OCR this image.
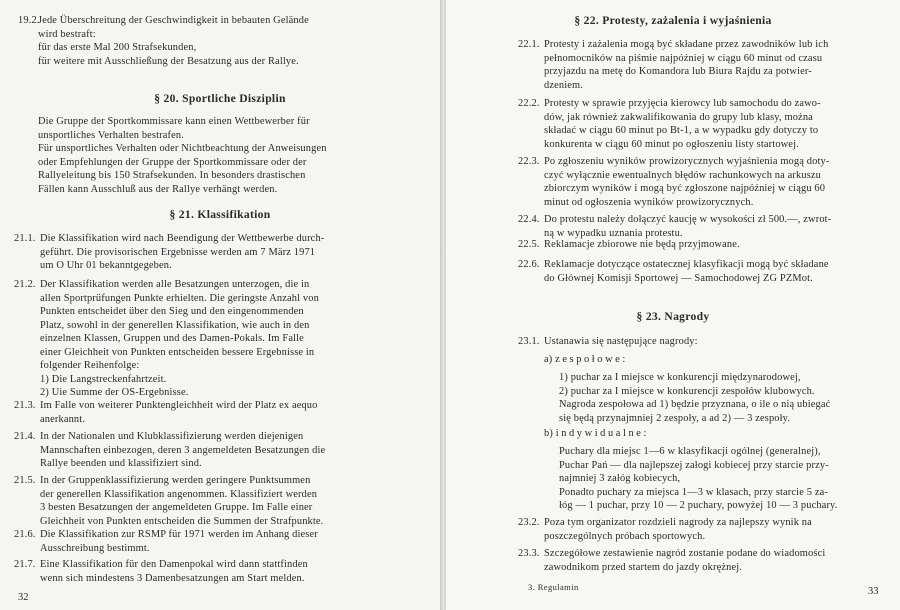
19.2.
Jede Überschreitung der Geschwindigkeit in bebauten Gelände
wird bestraft:
für das erste Mal 200 Strafsekunden,
für weitere mit Ausschließung der Besatzung aus der Rallye.
§ 20. Sportliche Disziplin
Die Gruppe der Sportkommissare kann einen Wettbewerber für
unsportliches Verhalten bestrafen.
Für unsportliches Verhalten oder Nichtbeachtung der Anweisungen
oder Empfehlungen der Gruppe der Sportkommissare oder der
Rallyeleitung bis 150 Strafsekunden. In besonders drastischen
Fällen kann Ausschluß aus der Rallye verhängt werden.
§ 21. Klassifikation
21.1. Die Klassifikation wird nach Beendigung der Wettbewerbe durch-
geführt. Die provisorischen Ergebnisse werden am 7 März 1971
um O Uhr 01 bekanntgegeben.
21.2. Der Klassifikation werden alle Besatzungen unterzogen, die in
allen Sportprüfungen Punkte erhielten. Die geringste Anzahl von
Punkten entscheidet über den Sieg und den eingenommenden
Platz, sowohl in der generellen Klassifikation, wie auch in den
einzelnen Klassen, Gruppen und des Damen-Pokals. Im Falle
einer Gleichheit von Punkten entscheiden bessere Ergebnisse in
folgender Reihenfolge:
1) Die Langstreckenfahrtzeit.
2) Uie Summe der OS-Ergebnisse.
21.3. Im Falle von weiterer Punktengleichheit wird der Platz ex aequo
anerkannt.
21.4. In der Nationalen und Klubklassifizierung werden diejenigen
Mannschaften einbezogen, deren 3 angemeldeten Besatzungen die
Rallye beenden und klassifiziert sind.
21.5. In der Gruppenklassifizierung werden geringere Punktsummen
der generellen Klassifikation angenommen. Klassifiziert werden
3 besten Besatzungen der angemeldeten Gruppe. Im Falle einer
Gleichheit von Punkten entscheiden die Summen der Strafpunkte.
21.6. Die Klassifikation zur RSMP für 1971 werden im Anhang dieser
Ausschreibung bestimmt.
21.7. Eine Klassifikation für den Damenpokal wird dann stattfinden
wenn sich mindestens 3 Damenbesatzungen am Start melden.
32
§ 22. Protesty, zażalenia i wyjaśnienia
22.1. Protesty i zażalenia mogą być składane przez zawodników lub ich
pełnomocników na piśmie najpóźniej w ciągu 60 minut od czasu
przyjazdu na metę do Komandora lub Biura Rajdu za potwier-
dzeniem.
22.2. Protesty w sprawie przyjęcia kierowcy lub samochodu do zawo-
dów, jak również zakwalifikowania do grupy lub klasy, można
składać w ciągu 60 minut po Bt-1, a w wypadku gdy dotyczy to
konkurenta w ciągu 60 minut po ogłoszeniu listy startowej.
22.3. Po zgłoszeniu wyników prowizorycznych wyjaśnienia mogą doty-
czyć wyłącznie ewentualnych błędów rachunkowych na arkuszu
zbiorczym wyników i mogą być zgłoszone najpóźniej w ciągu 60
minut od ogłoszenia wyników prowizorycznych.
22.4. Do protestu należy dołączyć kaucję w wysokości zł 500.—, zwrot-
ną w wypadku uznania protestu.
22.5. Reklamacje zbiorowe nie będą przyjmowane.
22.6. Reklamacje dotyczące ostatecznej klasyfikacji mogą być składane
do Głównej Komisji Sportowej — Samochodowej ZG PZMot.
§ 23. Nagrody
23.1. Ustanawia się następujące nagrody:
a) zespołowe:
1) puchar za I miejsce w konkurencji międzynarodowej,
2) puchar za I miejsce w konkurencji zespołów klubowych.
Nagroda zespołowa ad 1) będzie przyznana, o ile o nią ubiegać
się będą przynajmniej 2 zespoły, a ad 2) — 3 zespoły.
b) indywidualne:
Puchary dla miejsc 1—6 w klasyfikacji ogólnej (generalnej),
Puchar Pań — dla najlepszej załogi kobiecej przy starcie przy-
najmniej 3 załóg kobiecych,
Ponadto puchary za miejsca 1—3 w klasach, przy starcie 5 za-
łóg — 1 puchar, przy 10 — 2 puchary, powyżej 10 — 3 puchary.
23.2. Poza tym organizator rozdzieli nagrody za najlepszy wynik na
poszczególnych próbach sportowych.
23.3. Szczegółowe zestawienie nagród zostanie podane do wiadomości
zawodnikom przed startem do jazdy okrężnej.
3. Regulamin	33
